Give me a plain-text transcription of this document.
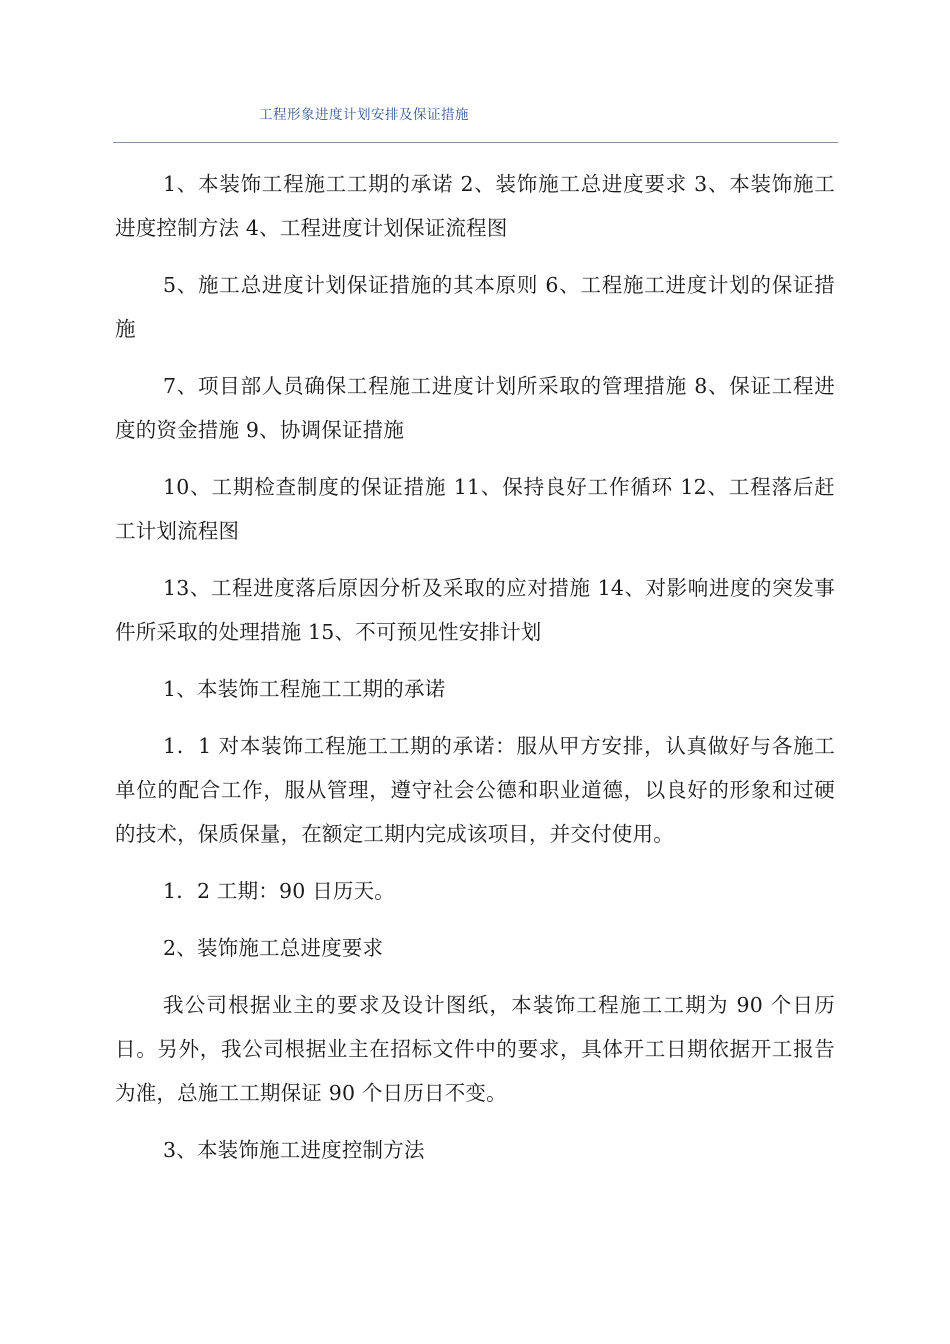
工程形象进度计划安排及保证措施

1、本装饰工程施工工期的承诺 2、装饰施工总进度要求 3、本装饰施工进度控制方法 4、工程进度计划保证流程图

5、施工总进度计划保证措施的其本原则 6、工程施工进度计划的保证措施

7、项目部人员确保工程施工进度计划所采取的管理措施 8、保证工程进度的资金措施 9、协调保证措施

10、工期检查制度的保证措施 11、保持良好工作循环 12、工程落后赶工计划流程图

13、工程进度落后原因分析及采取的应对措施 14、对影响进度的突发事件所采取的处理措施 15、不可预见性安排计划

1、本装饰工程施工工期的承诺

1．1 对本装饰工程施工工期的承诺：服从甲方安排，认真做好与各施工单位的配合工作，服从管理，遵守社会公德和职业道德，以良好的形象和过硬的技术，保质保量，在额定工期内完成该项目，并交付使用。

1．2 工期：90 日历天。

2、装饰施工总进度要求

我公司根据业主的要求及设计图纸，本装饰工程施工工期为 90 个日历日。另外，我公司根据业主在招标文件中的要求，具体开工日期依据开工报告为准，总施工工期保证 90 个日历日不变。

3、本装饰施工进度控制方法
